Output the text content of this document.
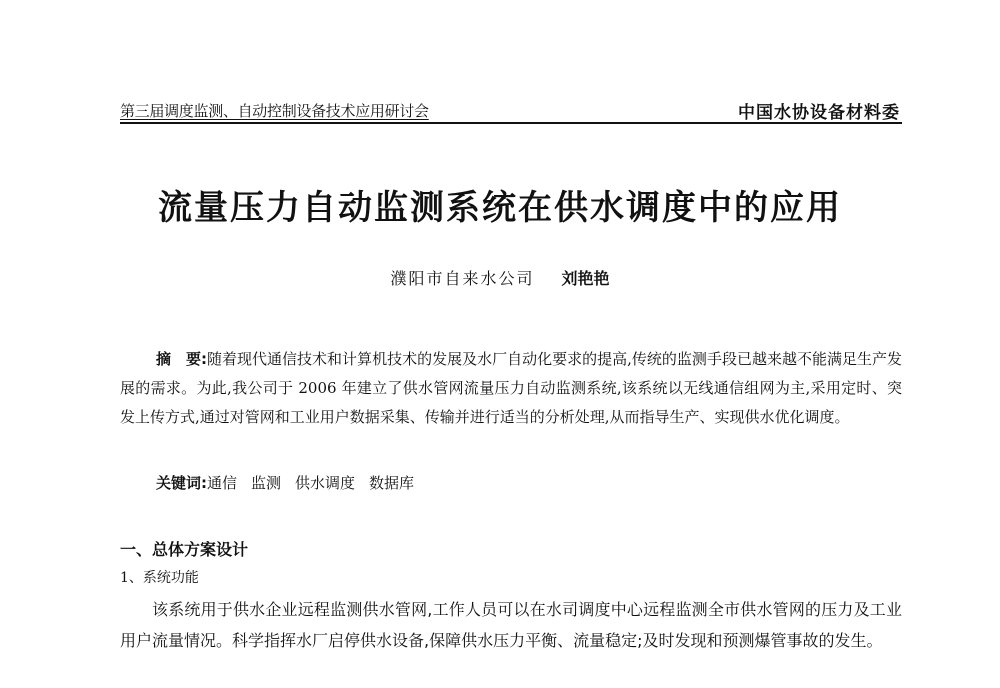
第三届调度监测、自动控制设备技术应用研讨会	中国水协设备材料委
流量压力自动监测系统在供水调度中的应用
濮阳市自来水公司 刘艳艳
摘　要:随着现代通信技术和计算机技术的发展及水厂自动化要求的提高,传统的监测手段已越来越不能满足生产发展的需求。为此,我公司于 2006 年建立了供水管网流量压力自动监测系统,该系统以无线通信组网为主,采用定时、突发上传方式,通过对管网和工业用户数据采集、传输并进行适当的分析处理,从而指导生产、实现供水优化调度。
关键词:通信 监测 供水调度 数据库
一、总体方案设计
1、系统功能
该系统用于供水企业远程监测供水管网,工作人员可以在水司调度中心远程监测全市供水管网的压力及工业用户流量情况。科学指挥水厂启停供水设备,保障供水压力平衡、流量稳定;及时发现和预测爆管事故的发生。
